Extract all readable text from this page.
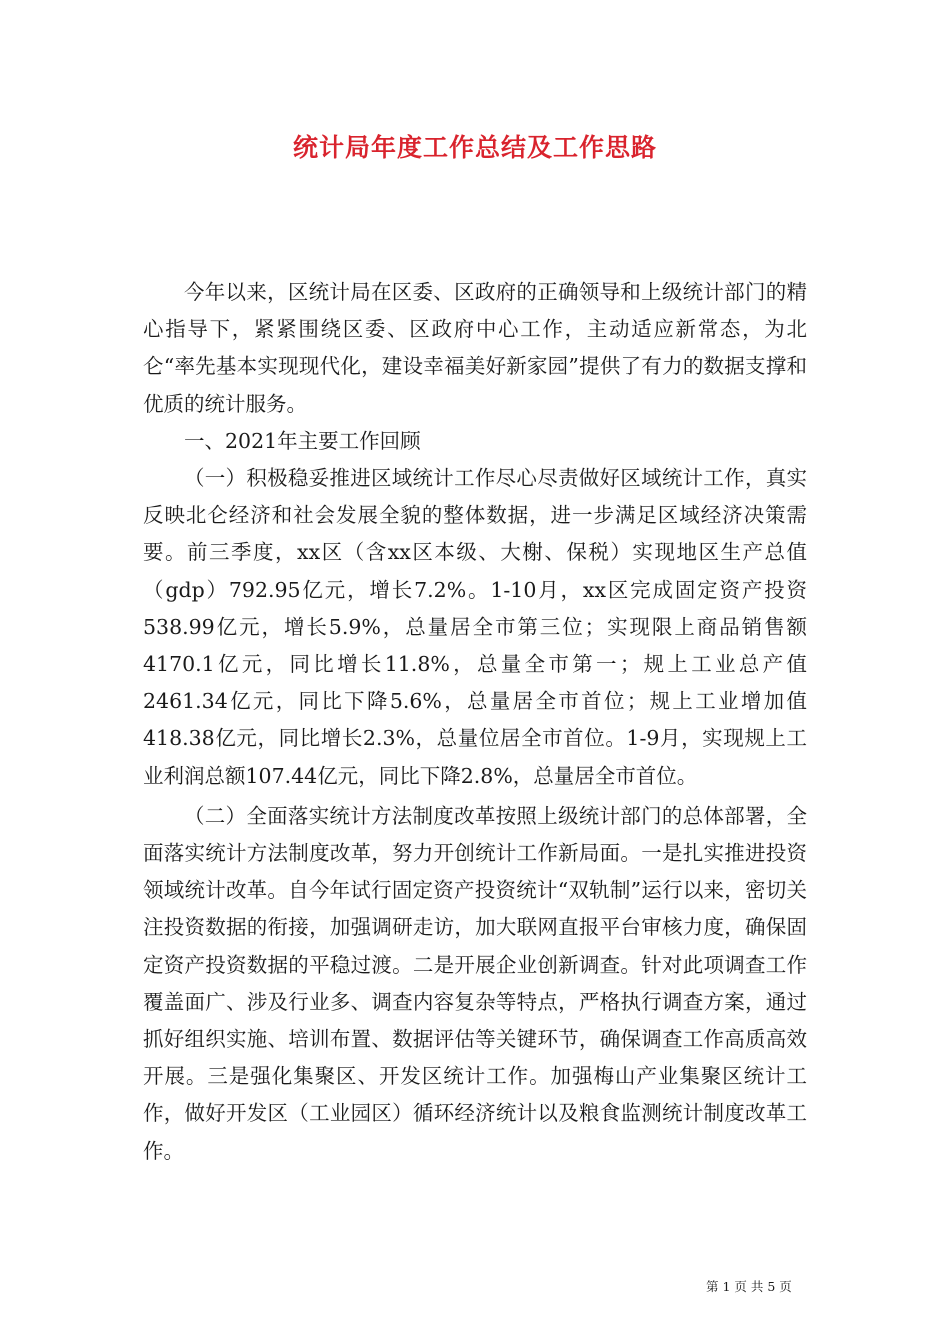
统计局年度工作总结及工作思路

今年以来，区统计局在区委、区政府的正确领导和上级统计部门的精心指导下，紧紧围绕区委、区政府中心工作，主动适应新常态，为北仑“率先基本实现现代化，建设幸福美好新家园”提供了有力的数据支撑和优质的统计服务。

一、2021年主要工作回顾

（一）积极稳妥推进区域统计工作尽心尽责做好区域统计工作，真实反映北仑经济和社会发展全貌的整体数据，进一步满足区域经济决策需要。前三季度，xx区（含xx区本级、大榭、保税）实现地区生产总值（gdp）792.95亿元，增长7.2%。1-10月，xx区完成固定资产投资538.99亿元，增长5.9%，总量居全市第三位；实现限上商品销售额4170.1亿元，同比增长11.8%，总量全市第一；规上工业总产值2461.34亿元，同比下降5.6%，总量居全市首位；规上工业增加值418.38亿元，同比增长2.3%，总量位居全市首位。1-9月，实现规上工业利润总额107.44亿元，同比下降2.8%，总量居全市首位。

（二）全面落实统计方法制度改革按照上级统计部门的总体部署，全面落实统计方法制度改革，努力开创统计工作新局面。一是扎实推进投资领域统计改革。自今年试行固定资产投资统计“双轨制”运行以来，密切关注投资数据的衔接，加强调研走访，加大联网直报平台审核力度，确保固定资产投资数据的平稳过渡。二是开展企业创新调查。针对此项调查工作覆盖面广、涉及行业多、调查内容复杂等特点，严格执行调查方案，通过抓好组织实施、培训布置、数据评估等关键环节，确保调查工作高质高效开展。三是强化集聚区、开发区统计工作。加强梅山产业集聚区统计工作，做好开发区（工业园区）循环经济统计以及粮食监测统计制度改革工作。

第 1 页 共 5 页
